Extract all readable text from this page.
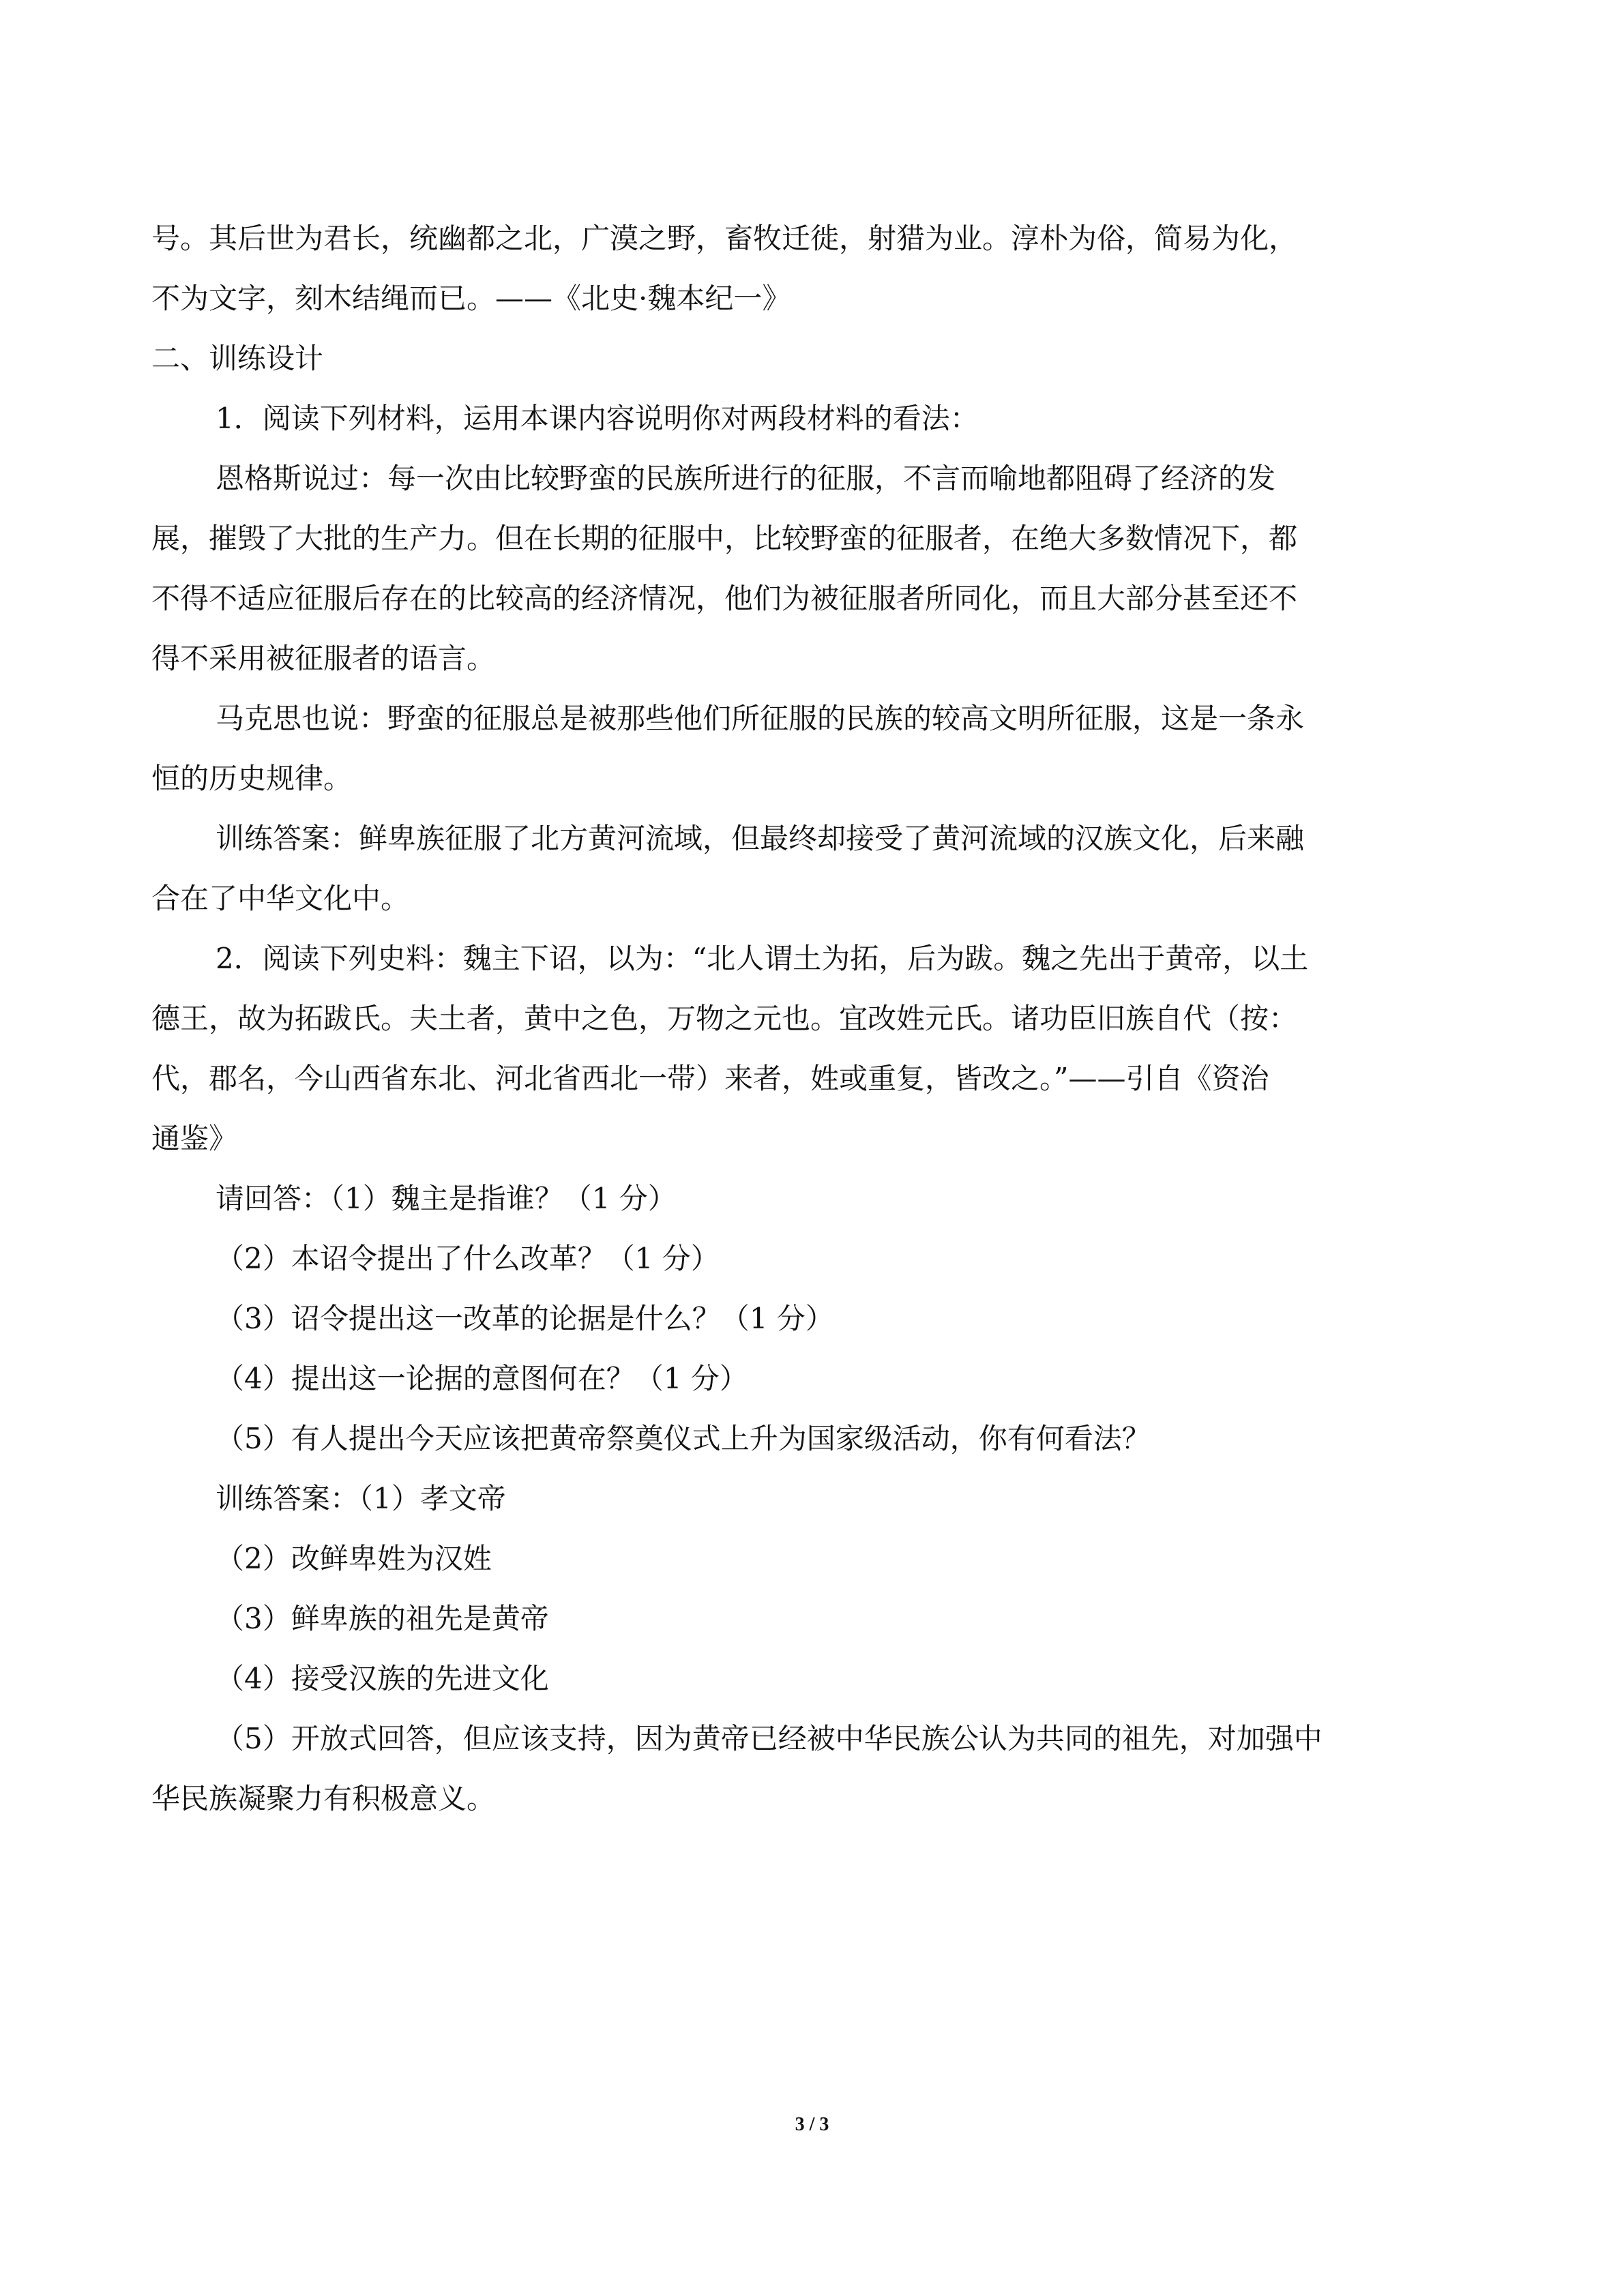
号。其后世为君长，统幽都之北，广漠之野，畜牧迁徙，射猎为业。淳朴为俗，简易为化，
不为文字，刻木结绳而已。——《北史·魏本纪一》
二、训练设计
1．阅读下列材料，运用本课内容说明你对两段材料的看法：
恩格斯说过：每一次由比较野蛮的民族所进行的征服，不言而喻地都阻碍了经济的发
展，摧毁了大批的生产力。但在长期的征服中，比较野蛮的征服者，在绝大多数情况下，都
不得不适应征服后存在的比较高的经济情况，他们为被征服者所同化，而且大部分甚至还不
得不采用被征服者的语言。
马克思也说：野蛮的征服总是被那些他们所征服的民族的较高文明所征服，这是一条永
恒的历史规律。
训练答案：鲜卑族征服了北方黄河流域，但最终却接受了黄河流域的汉族文化，后来融
合在了中华文化中。
2．阅读下列史料：魏主下诏，以为：“北人谓土为拓，后为跋。魏之先出于黄帝，以土
德王，故为拓跋氏。夫土者，黄中之色，万物之元也。宜改姓元氏。诸功臣旧族自代（按：
代，郡名，今山西省东北、河北省西北一带）来者，姓或重复，皆改之。”——引自《资治
通鉴》
请回答：（1）魏主是指谁？（1 分）
（2）本诏令提出了什么改革？（1 分）
（3）诏令提出这一改革的论据是什么？（1 分）
（4）提出这一论据的意图何在？（1 分）
（5）有人提出今天应该把黄帝祭奠仪式上升为国家级活动，你有何看法？
训练答案：（1）孝文帝
（2）改鲜卑姓为汉姓
（3）鲜卑族的祖先是黄帝
（4）接受汉族的先进文化
（5）开放式回答，但应该支持，因为黄帝已经被中华民族公认为共同的祖先，对加强中
华民族凝聚力有积极意义。
3 / 3
